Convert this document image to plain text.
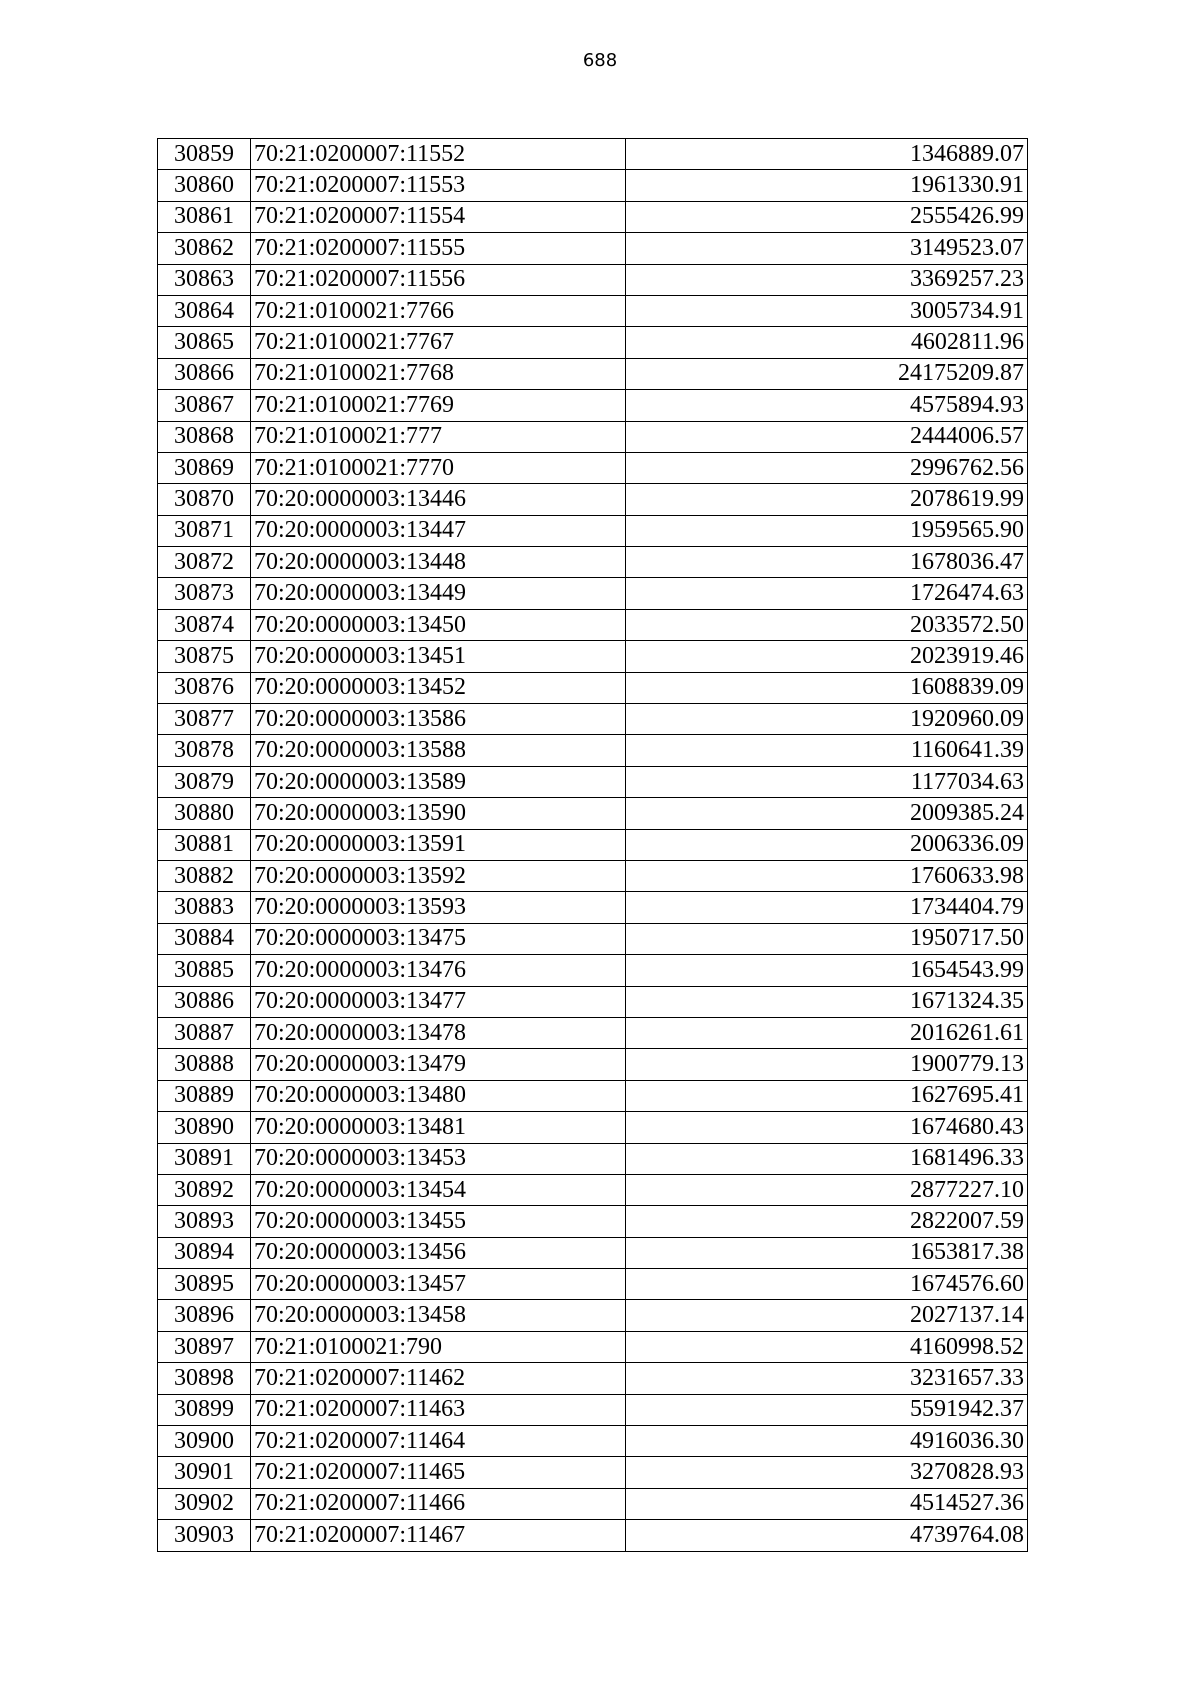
688
30859	70:21:0200007:11552	1346889.07
30860	70:21:0200007:11553	1961330.91
30861	70:21:0200007:11554	2555426.99
30862	70:21:0200007:11555	3149523.07
30863	70:21:0200007:11556	3369257.23
30864	70:21:0100021:7766	3005734.91
30865	70:21:0100021:7767	4602811.96
30866	70:21:0100021:7768	24175209.87
30867	70:21:0100021:7769	4575894.93
30868	70:21:0100021:777	2444006.57
30869	70:21:0100021:7770	2996762.56
30870	70:20:0000003:13446	2078619.99
30871	70:20:0000003:13447	1959565.90
30872	70:20:0000003:13448	1678036.47
30873	70:20:0000003:13449	1726474.63
30874	70:20:0000003:13450	2033572.50
30875	70:20:0000003:13451	2023919.46
30876	70:20:0000003:13452	1608839.09
30877	70:20:0000003:13586	1920960.09
30878	70:20:0000003:13588	1160641.39
30879	70:20:0000003:13589	1177034.63
30880	70:20:0000003:13590	2009385.24
30881	70:20:0000003:13591	2006336.09
30882	70:20:0000003:13592	1760633.98
30883	70:20:0000003:13593	1734404.79
30884	70:20:0000003:13475	1950717.50
30885	70:20:0000003:13476	1654543.99
30886	70:20:0000003:13477	1671324.35
30887	70:20:0000003:13478	2016261.61
30888	70:20:0000003:13479	1900779.13
30889	70:20:0000003:13480	1627695.41
30890	70:20:0000003:13481	1674680.43
30891	70:20:0000003:13453	1681496.33
30892	70:20:0000003:13454	2877227.10
30893	70:20:0000003:13455	2822007.59
30894	70:20:0000003:13456	1653817.38
30895	70:20:0000003:13457	1674576.60
30896	70:20:0000003:13458	2027137.14
30897	70:21:0100021:790	4160998.52
30898	70:21:0200007:11462	3231657.33
30899	70:21:0200007:11463	5591942.37
30900	70:21:0200007:11464	4916036.30
30901	70:21:0200007:11465	3270828.93
30902	70:21:0200007:11466	4514527.36
30903	70:21:0200007:11467	4739764.08
